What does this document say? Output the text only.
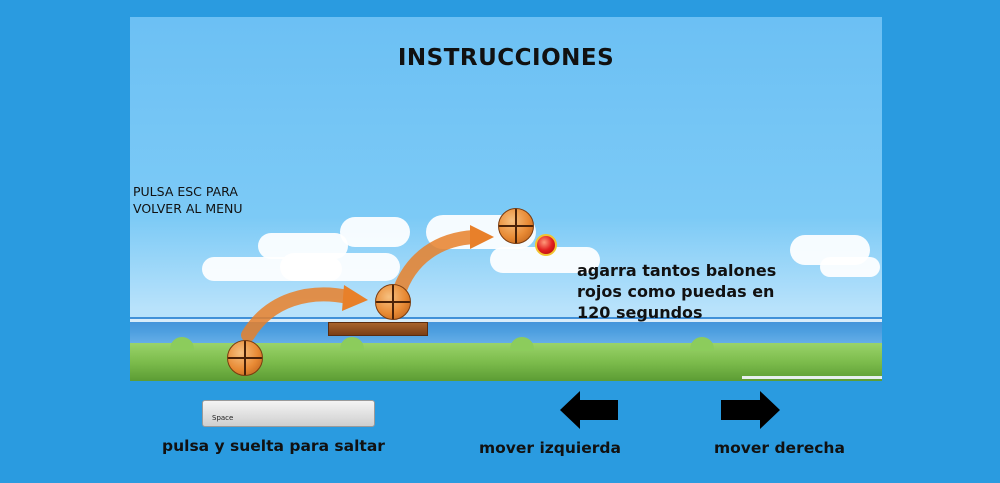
INSTRUCCIONES
PULSA ESC PARA
VOLVER AL MENU
agarra tantos balones
rojos como puedas en
120 segundos
Space
pulsa y suelta para saltar	mover izquierda	mover derecha
